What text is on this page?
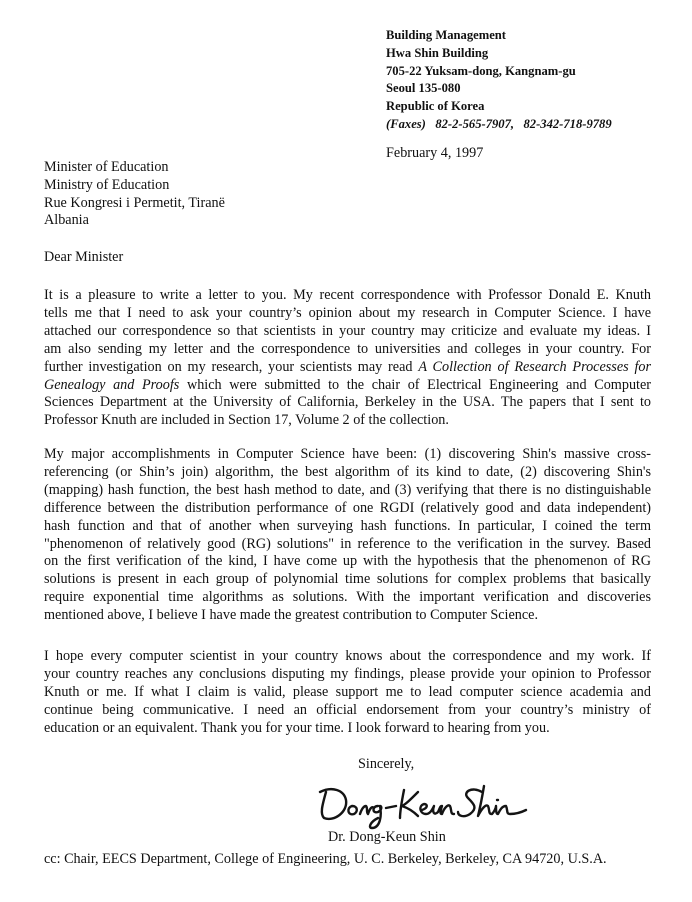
Building Management
Hwa Shin Building
705-22 Yuksam-dong, Kangnam-gu
Seoul 135-080
Republic of Korea
(Faxes) 82-2-565-7907, 82-342-718-9789
February 4, 1997
Minister of Education
Ministry of Education
Rue Kongresi i Permetit, Tiranë
Albania
Dear Minister
It is a pleasure to write a letter to you. My recent correspondence with Professor Donald E. Knuth
tells me that I need to ask your country’s opinion about my research in Computer Science. I have
attached our correspondence so that scientists in your country may criticize and evaluate my ideas. I
am also sending my letter and the correspondence to universities and colleges in your country. For
further investigation on my research, your scientists may read A Collection of Research Processes for
Genealogy and Proofs which were submitted to the chair of Electrical Engineering and Computer
Sciences Department at the University of California, Berkeley in the USA. The papers that I sent to
Professor Knuth are included in Section 17, Volume 2 of the collection.
My major accomplishments in Computer Science have been: (1) discovering Shin's massive cross-
referencing (or Shin’s join) algorithm, the best algorithm of its kind to date, (2) discovering Shin's
(mapping) hash function, the best hash method to date, and (3) verifying that there is no distinguishable
difference between the distribution performance of one RGDI (relatively good and data independent)
hash function and that of another when surveying hash functions. In particular, I coined the term
"phenomenon of relatively good (RG) solutions" in reference to the verification in the survey. Based
on the first verification of the kind, I have come up with the hypothesis that the phenomenon of RG
solutions is present in each group of polynomial time solutions for complex problems that basically
require exponential time algorithms as solutions. With the important verification and discoveries
mentioned above, I believe I have made the greatest contribution to Computer Science.
I hope every computer scientist in your country knows about the correspondence and my work. If
your country reaches any conclusions disputing my findings, please provide your opinion to Professor
Knuth or me. If what I claim is valid, please support me to lead computer science academia and
continue being communicative. I need an official endorsement from your country’s ministry of
education or an equivalent. Thank you for your time. I look forward to hearing from you.
Sincerely,
Dr. Dong-Keun Shin
cc: Chair, EECS Department, College of Engineering, U. C. Berkeley, Berkeley, CA 94720, U.S.A.
